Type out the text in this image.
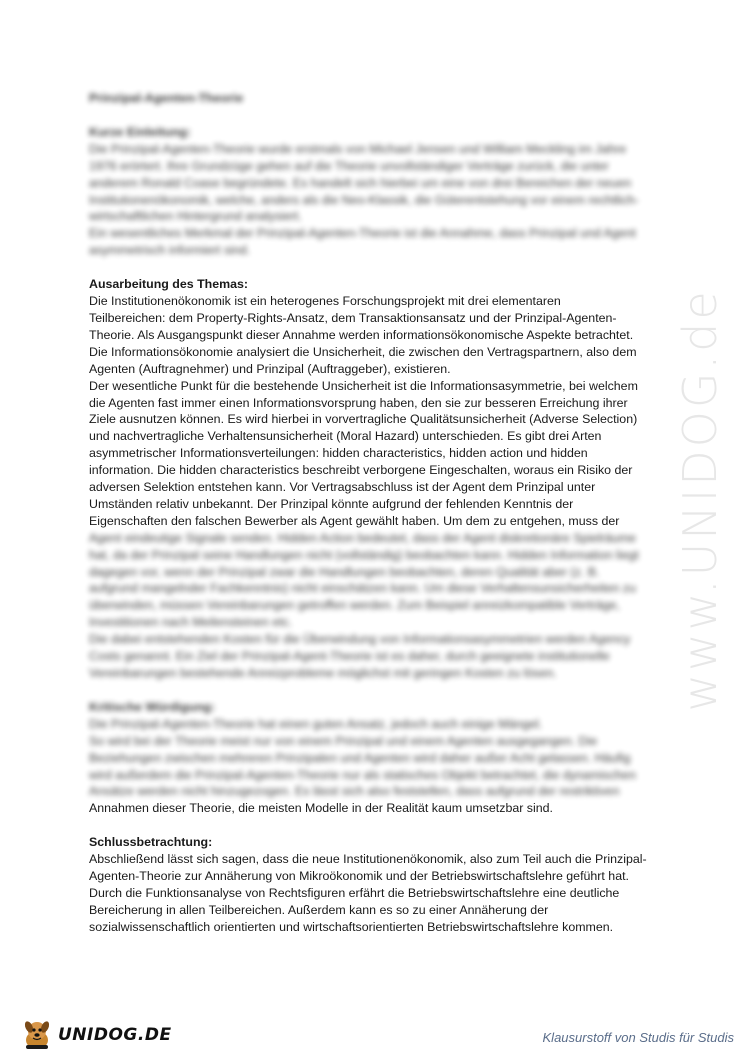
www.UNIDOG.de
Prinzipal-Agenten-Theorie
Kurze Einleitung:
Die Prinzipal-Agenten-Theorie wurde erstmals von Michael Jensen und William Meckling im Jahre
1976 erörtert. Ihre Grundzüge gehen auf die Theorie unvollständiger Verträge zurück, die unter
anderem Ronald Coase begründete. Es handelt sich hierbei um eine von drei Bereichen der neuen
Institutionenökonomik, welche, anders als die Neo-Klassik, die Güterentstehung vor einem rechtlich-
wirtschaftlichen Hintergrund analysiert.
Ein wesentliches Merkmal der Prinzipal-Agenten-Theorie ist die Annahme, dass Prinzipal und Agent
asymmetrisch informiert sind.
Ausarbeitung des Themas:
Die Institutionenökonomik ist ein heterogenes Forschungsprojekt mit drei elementaren
Teilbereichen: dem Property-Rights-Ansatz, dem Transaktionsansatz und der Prinzipal-Agenten-
Theorie. Als Ausgangspunkt dieser Annahme werden informationsökonomische Aspekte betrachtet.
Die Informationsökonomie analysiert die Unsicherheit, die zwischen den Vertragspartnern, also dem
Agenten (Auftragnehmer) und Prinzipal (Auftraggeber), existieren.
Der wesentliche Punkt für die bestehende Unsicherheit ist die Informationsasymmetrie, bei welchem
die Agenten fast immer einen Informationsvorsprung haben, den sie zur besseren Erreichung ihrer
Ziele ausnutzen können. Es wird hierbei in vorvertragliche Qualitätsunsicherheit (Adverse Selection)
und nachvertragliche Verhaltensunsicherheit (Moral Hazard) unterschieden. Es gibt drei Arten
asymmetrischer Informationsverteilungen: hidden characteristics, hidden action und hidden
information. Die hidden characteristics beschreibt verborgene Eingeschalten, woraus ein Risiko der
adversen Selektion entstehen kann. Vor Vertragsabschluss ist der Agent dem Prinzipal unter
Umständen relativ unbekannt. Der Prinzipal könnte aufgrund der fehlenden Kenntnis der
Eigenschaften den falschen Bewerber als Agent gewählt haben. Um dem zu entgehen, muss der
Agent eindeutige Signale senden. Hidden Action bedeutet, dass der Agent diskretionäre Spielräume
hat, da der Prinzipal seine Handlungen nicht (vollständig) beobachten kann. Hidden Information liegt
dagegen vor, wenn der Prinzipal zwar die Handlungen beobachten, deren Qualität aber (z. B.
aufgrund mangelnder Fachkenntnis) nicht einschätzen kann. Um diese Verhaltensunsicherheiten zu
überwinden, müssen Vereinbarungen getroffen werden. Zum Beispiel anreizkompatible Verträge,
Investitionen nach Meilensteinen etc.
Die dabei entstehenden Kosten für die Überwindung von Informationsasymmetrien werden Agency
Costs genannt. Ein Ziel der Prinzipal-Agent-Theorie ist es daher, durch geeignete institutionelle
Vereinbarungen bestehende Anreizprobleme möglichst mit geringen Kosten zu lösen.
Kritische Würdigung:
Die Prinzipal-Agenten-Theorie hat einen guten Ansatz, jedoch auch einige Mängel.
So wird bei der Theorie meist nur von einem Prinzipal und einem Agenten ausgegangen. Die
Beziehungen zwischen mehreren Prinzipalen und Agenten wird daher außer Acht gelassen. Häufig
wird außerdem die Prinzipal-Agenten-Theorie nur als statisches Objekt betrachtet, die dynamischen
Ansätze werden nicht hinzugezogen. Es lässt sich also feststellen, dass aufgrund der restriktiven
Annahmen dieser Theorie, die meisten Modelle in der Realität kaum umsetzbar sind.
Schlussbetrachtung:
Abschließend lässt sich sagen, dass die neue Institutionenökonomik, also zum Teil auch die Prinzipal-
Agenten-Theorie zur Annäherung von Mikroökonomik und der Betriebswirtschaftslehre geführt hat.
Durch die Funktionsanalyse von Rechtsfiguren erfährt die Betriebswirtschaftslehre eine deutliche
Bereicherung in allen Teilbereichen. Außerdem kann es so zu einer Annäherung der
sozialwissenschaftlich orientierten und wirtschaftsorientierten Betriebswirtschaftslehre kommen.
UNIDOG.DE	Klausurstoff von Studis für Studis
